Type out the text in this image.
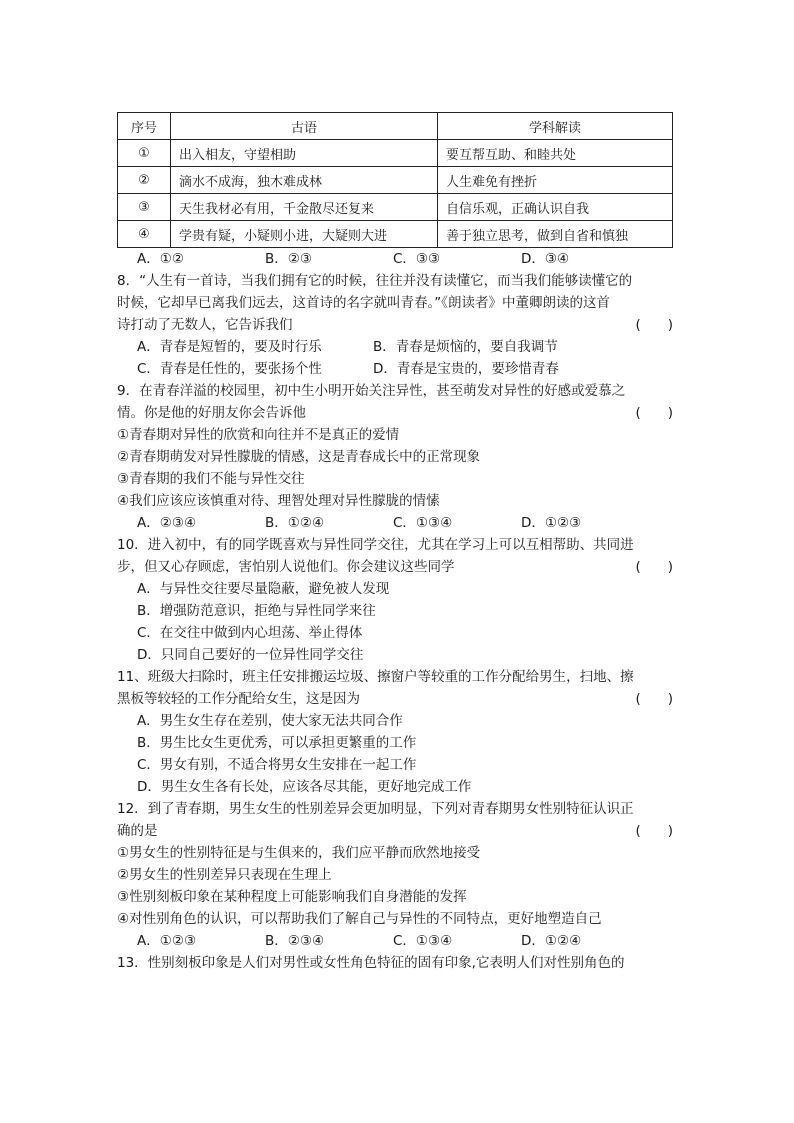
序号	古语	学科解读
①	出入相友，守望相助	要互帮互助、和睦共处
②	滴水不成海，独木难成林	人生难免有挫折
③	天生我材必有用，千金散尽还复来	自信乐观，正确认识自我
④	学贵有疑，小疑则小进，大疑则大进	善于独立思考，做到自省和慎独
A．①②	B．②③	C．③③	D．③④
8．“人生有一首诗，当我们拥有它的时候，往往并没有读懂它，而当我们能够读懂它的
时候，它却早已离我们远去，这首诗的名字就叫青春。”《朗读者》中董卿朗读的这首
诗打动了无数人，它告诉我们	(　　)
A．青春是短暂的，要及时行乐	B．青春是烦恼的，要自我调节
C．青春是任性的，要张扬个性	D．青春是宝贵的，要珍惜青春
9．在青春洋溢的校园里，初中生小明开始关注异性，甚至萌发对异性的好感或爱慕之
情。你是他的好朋友你会告诉他	(　　)
①青春期对异性的欣赏和向往并不是真正的爱情
②青春期萌发对异性朦胧的情感，这是青春成长中的正常现象
③青春期的我们不能与异性交往
④我们应该应该慎重对待、理智处理对异性朦胧的情愫
A．②③④	B．①②④	C．①③④	D．①②③
10．进入初中，有的同学既喜欢与异性同学交往，尤其在学习上可以互相帮助、共同进
步，但又心存顾虑，害怕别人说他们。你会建议这些同学	(　　)
A．与异性交往要尽量隐蔽，避免被人发现
B．增强防范意识，拒绝与异性同学来往
C．在交往中做到内心坦荡、举止得体
D．只同自己要好的一位异性同学交往
11、班级大扫除时，班主任安排搬运垃圾、擦窗户等较重的工作分配给男生，扫地、擦
黑板等较轻的工作分配给女生，这是因为	(　　)
A．男生女生存在差别，使大家无法共同合作
B．男生比女生更优秀，可以承担更繁重的工作
C．男女有别，不适合将男女生安排在一起工作
D．男生女生各有长处，应该各尽其能，更好地完成工作
12．到了青春期，男生女生的性别差异会更加明显，下列对青春期男女性别特征认识正
确的是	(　　)
①男女生的性别特征是与生俱来的，我们应平静而欣然地接受
②男女生的性别差异只表现在生理上
③性别刻板印象在某种程度上可能影响我们自身潜能的发挥
④对性别角色的认识，可以帮助我们了解自己与异性的不同特点，更好地塑造自己
A．①②③	B．②③④	C．①③④	D．①②④
13．性别刻板印象是人们对男性或女性角色特征的固有印象,它表明人们对性别角色的
